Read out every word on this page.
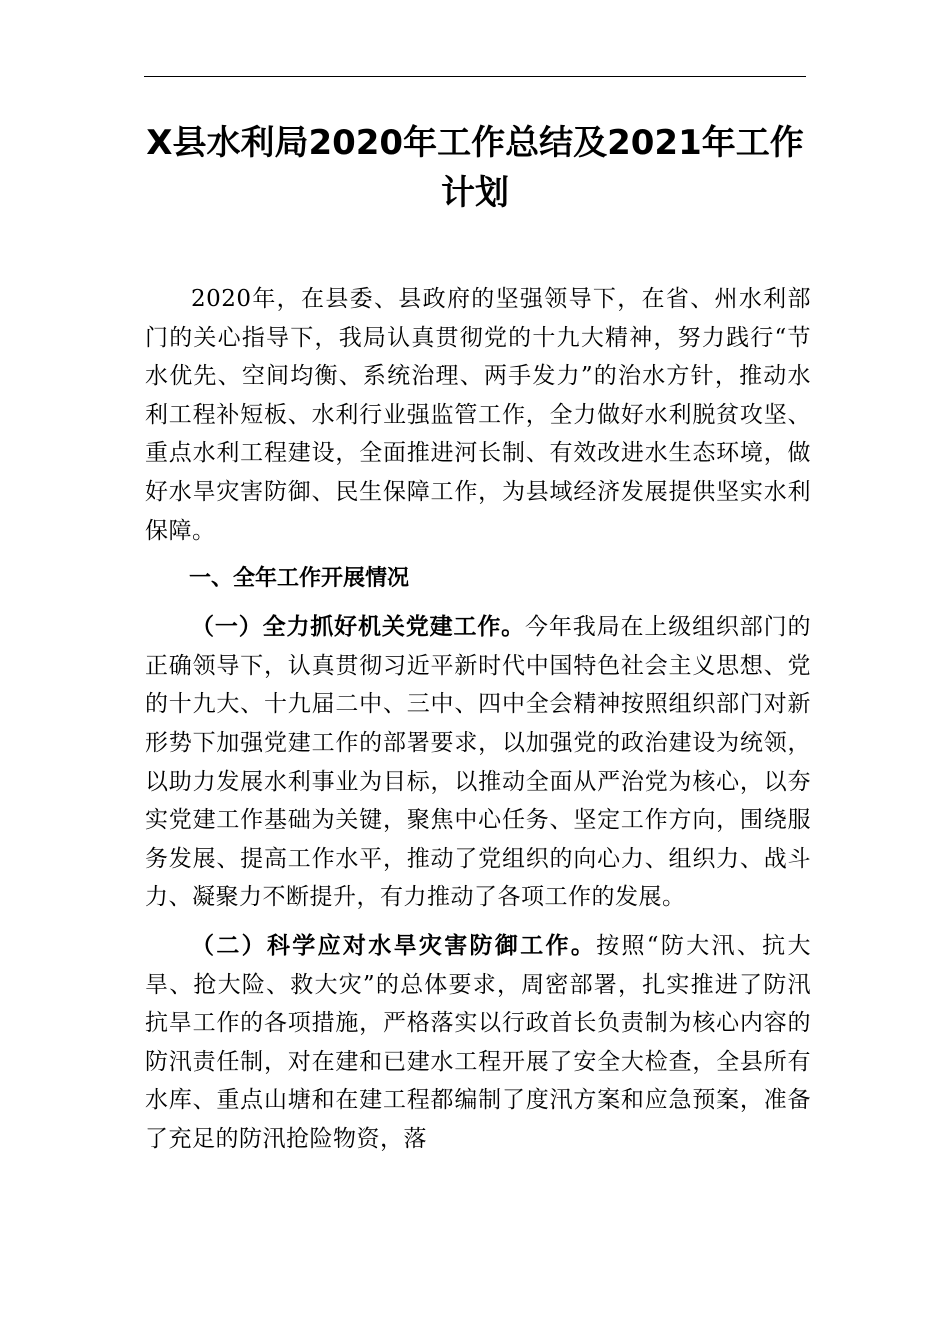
X县水利局2020年工作总结及2021年工作
计划

2020年，在县委、县政府的坚强领导下，在省、州水利部门的关心指导下，我局认真贯彻党的十九大精神，努力践行“节水优先、空间均衡、系统治理、两手发力”的治水方针，推动水利工程补短板、水利行业强监管工作，全力做好水利脱贫攻坚、重点水利工程建设，全面推进河长制、有效改进水生态环境，做好水旱灾害防御、民生保障工作，为县域经济发展提供坚实水利保障。

一、全年工作开展情况

（一）全力抓好机关党建工作。今年我局在上级组织部门的正确领导下，认真贯彻习近平新时代中国特色社会主义思想、党的十九大、十九届二中、三中、四中全会精神按照组织部门对新形势下加强党建工作的部署要求，以加强党的政治建设为统领，以助力发展水利事业为目标，以推动全面从严治党为核心，以夯实党建工作基础为关键，聚焦中心任务、坚定工作方向，围绕服务发展、提高工作水平，推动了党组织的向心力、组织力、战斗力、凝聚力不断提升，有力推动了各项工作的发展。

（二）科学应对水旱灾害防御工作。按照“防大汛、抗大旱、抢大险、救大灾”的总体要求，周密部署，扎实推进了防汛抗旱工作的各项措施，严格落实以行政首长负责制为核心内容的防汛责任制，对在建和已建水工程开展了安全大检查，全县所有水库、重点山塘和在建工程都编制了度汛方案和应急预案，准备了充足的防汛抢险物资，落
